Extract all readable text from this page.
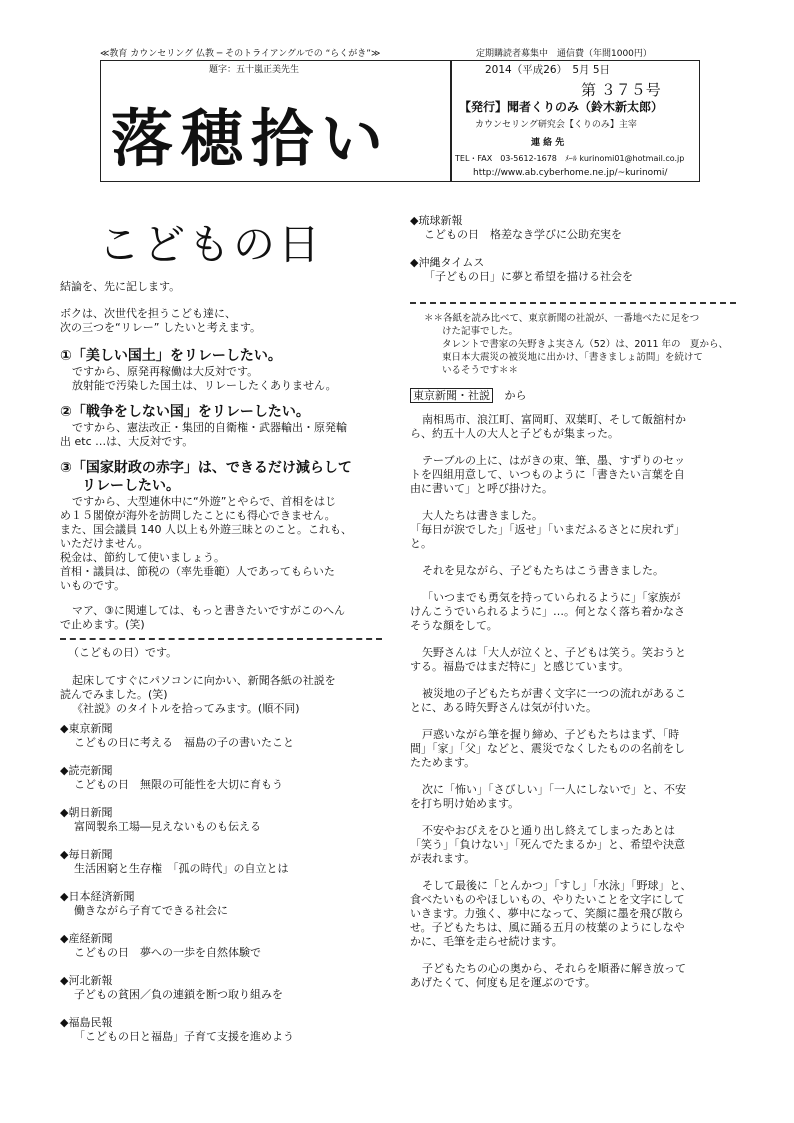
≪教育 カウンセリング 仏教 ─ そのトライアングルでの “らくがき”≫	定期購読者募集中　通信費（年間1000円）
題字：五十嵐正美先生
落穂拾い
2014（平成26）　5月 5日
第 ３７５号
【発行】聞者くりのみ（鈴木新太郎）
カウンセリング研究会【くりのみ】主宰
連 絡 先
TEL・FAX　03-5612-1678　ﾒｰﾙ kurinomi01@hotmail.co.jp
http://www.ab.cyberhome.ne.jp/~kurinomi/
こどもの日

結論を、先に記します。

ボクは、次世代を担うこども達に、

次の三つを“リレー” したいと考えます。

①「美しい国土」をリレーしたい。

ですから、原発再稼働は大反対です。

放射能で汚染した国土は、リレーしたくありません。

②「戦争をしない国」をリレーしたい。

ですから、憲法改正・集団的自衛権・武器輸出・原発輸

出 etc …は、大反対です。

③「国家財政の赤字」は、できるだけ減らして
リレーしたい。

ですから、大型連休中に“外遊”とやらで、首相をはじ

め１５閣僚が海外を訪問したことにも得心できません。

また、国会議員 140 人以上も外遊三昧とのこと。これも、

いただけません。

税金は、節約して使いましょう。

首相・議員は、節税の（率先垂範）人であってもらいた

いものです。

マア、③に関連しては、もっと書きたいですがこのへん

で止めます。(笑)

（こどもの日）です。

起床してすぐにパソコンに向かい、新聞各紙の社説を

読んでみました。(笑)

《社説》のタイトルを拾ってみます。(順不同)

◆東京新聞
こどもの日に考える　福島の子の書いたこと
◆読売新聞
こどもの日　無限の可能性を大切に育もう
◆朝日新聞
富岡製糸工場―見えないものも伝える
◆毎日新聞
生活困窮と生存権　「孤の時代」の自立とは
◆日本経済新聞
働きながら子育てできる社会に
◆産経新聞
こどもの日　夢への一歩を自然体験で
◆河北新報
子どもの貧困／負の連鎖を断つ取り組みを
◆福島民報
「こどもの日と福島」子育て支援を進めよう
◆琉球新報
こどもの日　格差なき学びに公助充実を
◆沖縄タイムス
「子どもの日」に夢と希望を描ける社会を
＊＊各紙を読み比べて、東京新聞の社説が、一番地べたに足をつ
けた記事でした。
タレントで書家の矢野きよ実さん（52）は、2011 年の　夏から、
東日本大震災の被災地に出かけ、「書きましょ訪問」を続けて
いるそうです＊＊
東京新聞・社説 から

南相馬市、浪江町、富岡町、双葉町、そして飯舘村か

ら、約五十人の大人と子どもが集まった。

テーブルの上に、はがきの束、筆、墨、すずりのセッ

トを四組用意して、いつものように「書きたい言葉を自

由に書いて」と呼び掛けた。

大人たちは書きました。

「毎日が涙でした」「返せ」「いまだふるさとに戻れず」

と。

それを見ながら、子どもたちはこう書きました。

「いつまでも勇気を持っていられるように」「家族が

けんこうでいられるように」…。何となく落ち着かなさ

そうな顔をして。

矢野さんは「大人が泣くと、子どもは笑う。笑おうと

する。福島ではまだ特に」と感じています。

被災地の子どもたちが書く文字に一つの流れがあるこ

とに、ある時矢野さんは気が付いた。

戸惑いながら筆を握り締め、子どもたちはまず、「時

間」「家」「父」などと、震災でなくしたものの名前をし

たためます。

次に「怖い」「さびしい」「一人にしないで」と、不安

を打ち明け始めます。

不安やおびえをひと通り出し終えてしまったあとは

「笑う」「負けない」「死んでたまるか」と、希望や決意

が表れます。

そして最後に「とんかつ」「すし」「水泳」「野球」と、

食べたいものやほしいもの、やりたいことを文字にして

いきます。力強く、夢中になって、笑顔に墨を飛び散ら

せ。子どもたちは、風に踊る五月の枝葉のようにしなや

かに、毛筆を走らせ続けます。

子どもたちの心の奥から、それらを順番に解き放って

あげたくて、何度も足を運ぶのです。
